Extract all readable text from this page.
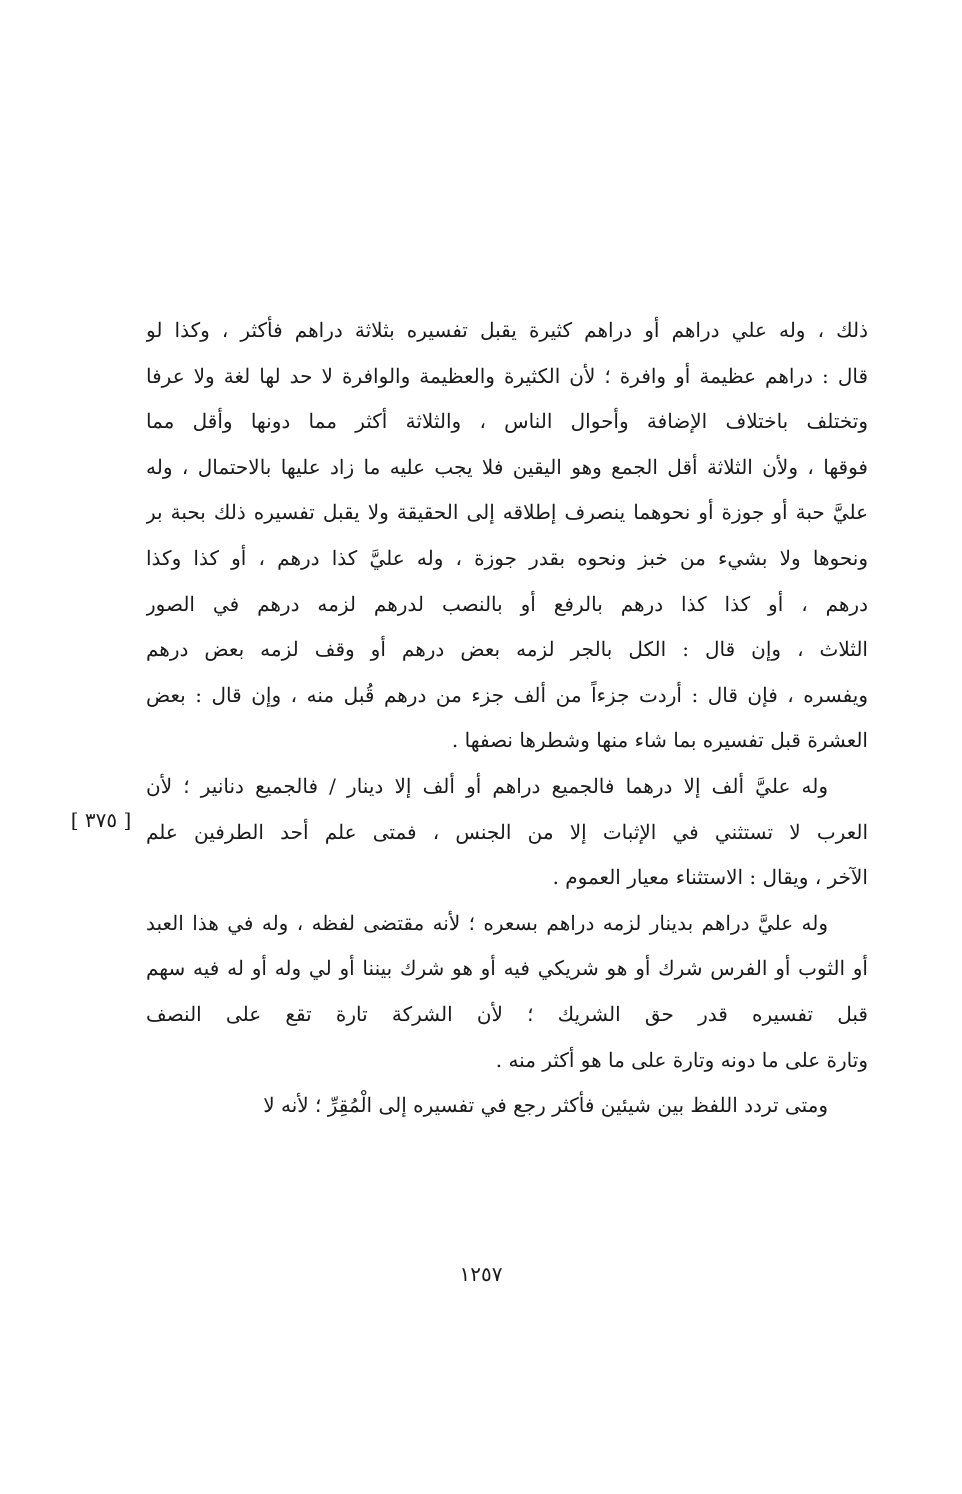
ذلك ، وله علي دراهم أو دراهم كثيرة يقبل تفسيره بثلاثة دراهم فأكثر ، وكذا لو
قال : دراهم عظيمة أو وافرة ؛ لأن الكثيرة والعظيمة والوافرة لا حد لها لغة ولا عرفا
وتختلف باختلاف الإضافة وأحوال الناس ، والثلاثة أكثر مما دونها وأقل مما
فوقها ، ولأن الثلاثة أقل الجمع وهو اليقين فلا يجب عليه ما زاد عليها بالاحتمال ، وله
عليَّ حبة أو جوزة أو نحوهما ينصرف إطلاقه إلى الحقيقة ولا يقبل تفسيره ذلك بحبة بر
ونحوها ولا بشيء من خبز ونحوه بقدر جوزة ، وله عليَّ كذا درهم ، أو كذا وكذا
درهم ، أو كذا كذا درهم بالرفع أو بالنصب لدرهم لزمه درهم في الصور
الثلاث ، وإن قال : الكل بالجر لزمه بعض درهم أو وقف لزمه بعض درهم
ويفسره ، فإن قال : أردت جزءاً من ألف جزء من درهم قُبل منه ، وإن قال : بعض
العشرة قبل تفسيره بما شاء منها وشطرها نصفها .
وله عليَّ ألف إلا درهما فالجميع دراهم أو ألف إلا دينار / فالجميع دنانير ؛ لأن
العرب لا تستثني في الإثبات إلا من الجنس ، فمتى علم أحد الطرفين علم
الآخر ، ويقال : الاستثناء معيار العموم .
وله عليَّ دراهم بدينار لزمه دراهم بسعره ؛ لأنه مقتضى لفظه ، وله في هذا العبد
أو الثوب أو الفرس شرك أو هو شريكي فيه أو هو شرك بيننا أو لي وله أو له فيه سهم
قبل تفسيره قدر حق الشريك ؛ لأن الشركة تارة تقع على النصف
وتارة على ما دونه وتارة على ما هو أكثر منه .
ومتى تردد اللفظ بين شيئين فأكثر رجع في تفسيره إلى الْمُقِرِّ ؛ لأنه لا
[ ٣٧٥ ]
١٢٥٧
